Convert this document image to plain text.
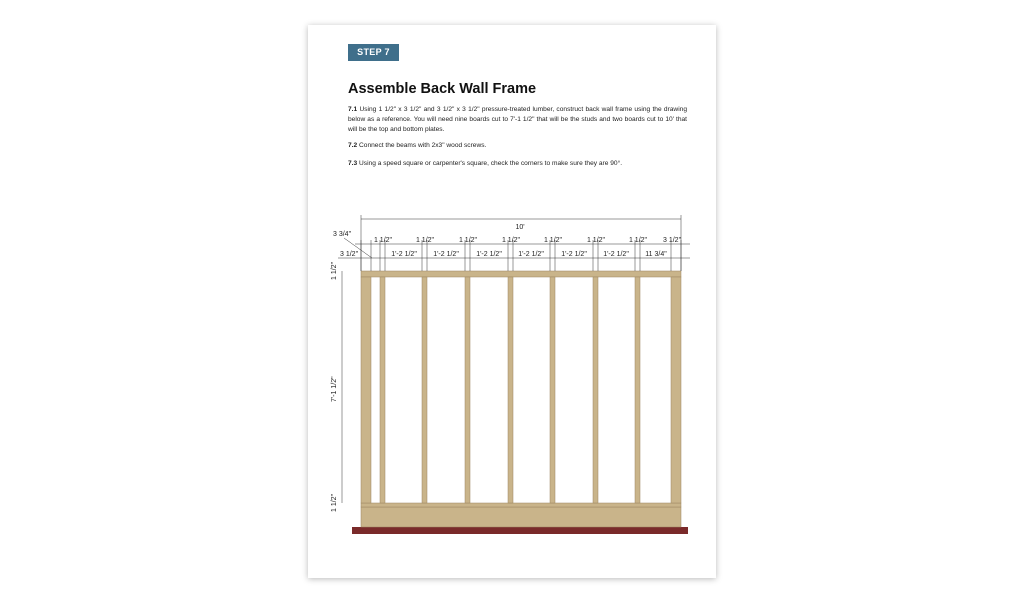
STEP 7
Assemble Back Wall Frame
7.1 Using 1 1/2" x 3 1/2" and 3 1/2" x 3 1/2" pressure-treated lumber, construct back wall frame using the drawing below as a reference. You will need nine boards cut to 7'-1 1/2" that will be the studs and two boards cut to 10' that will be the top and bottom plates.
7.2 Connect the beams with 2x3" wood screws.
7.3 Using a speed square or carpenter's square, check the corners to make sure they are 90°.
10'
3 3/4"
3 1/2"
3 1/2"
1 1/2"	1 1/2"	1 1/2"	1 1/2"	1 1/2"	1 1/2"	1 1/2"
1'-2 1/2" 1'-2 1/2" 1'-2 1/2" 1'-2 1/2" 1'-2 1/2" 1'-2 1/2" 11 3/4"
1 1/2"
7'-1 1/2"
1 1/2"
